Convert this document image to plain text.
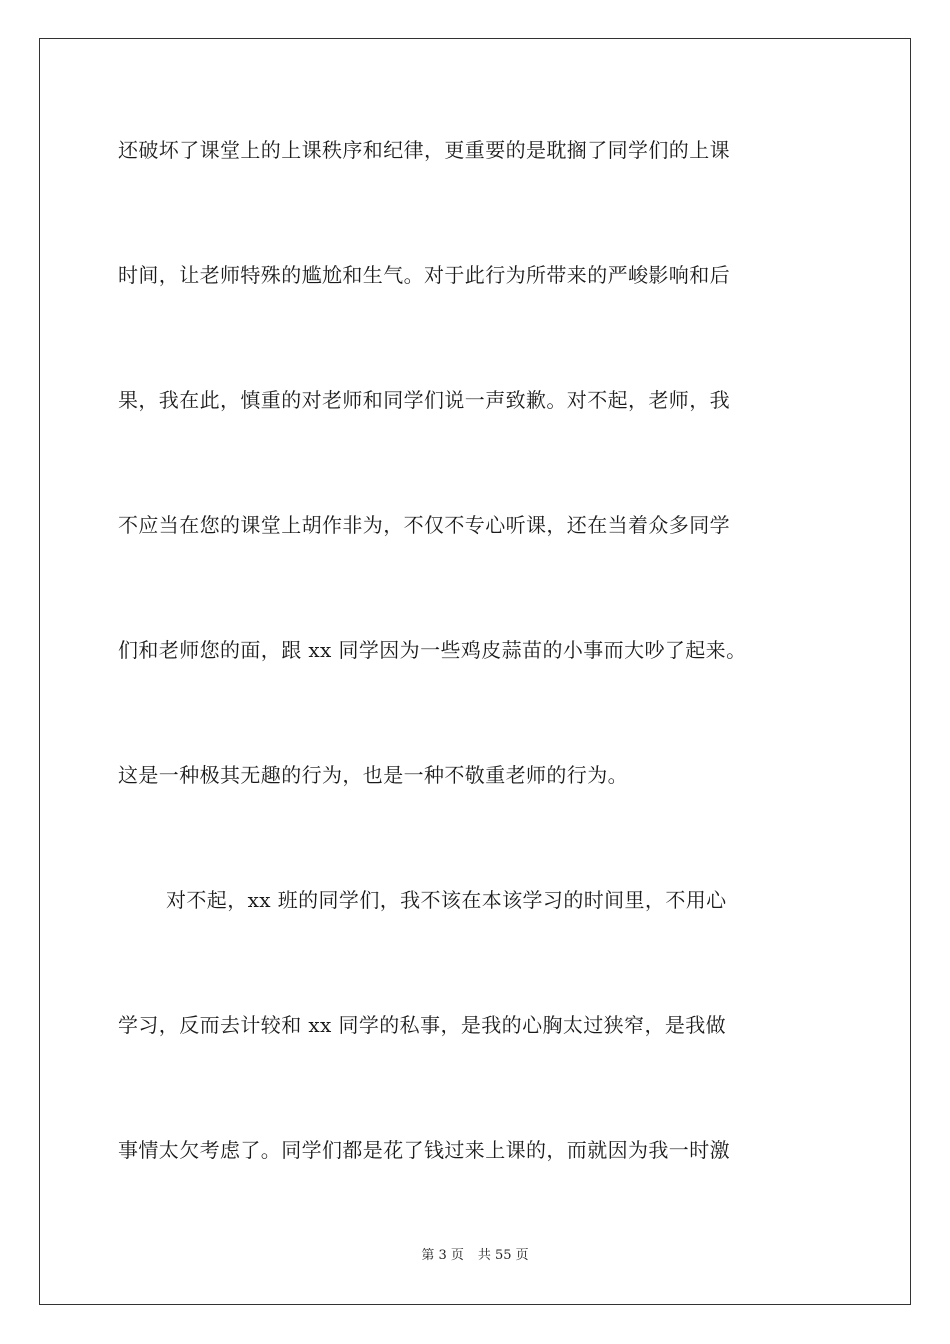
还破坏了课堂上的上课秩序和纪律，更重要的是耽搁了同学们的上课
时间，让老师特殊的尴尬和生气。对于此行为所带来的严峻影响和后
果，我在此，慎重的对老师和同学们说一声致歉。对不起，老师，我
不应当在您的课堂上胡作非为，不仅不专心听课，还在当着众多同学
们和老师您的面，跟 xx 同学因为一些鸡皮蒜苗的小事而大吵了起来。
这是一种极其无趣的行为，也是一种不敬重老师的行为。
对不起，xx 班的同学们，我不该在本该学习的时间里，不用心
学习，反而去计较和 xx 同学的私事，是我的心胸太过狭窄，是我做
事情太欠考虑了。同学们都是花了钱过来上课的，而就因为我一时激
第 3 页 共 55 页
